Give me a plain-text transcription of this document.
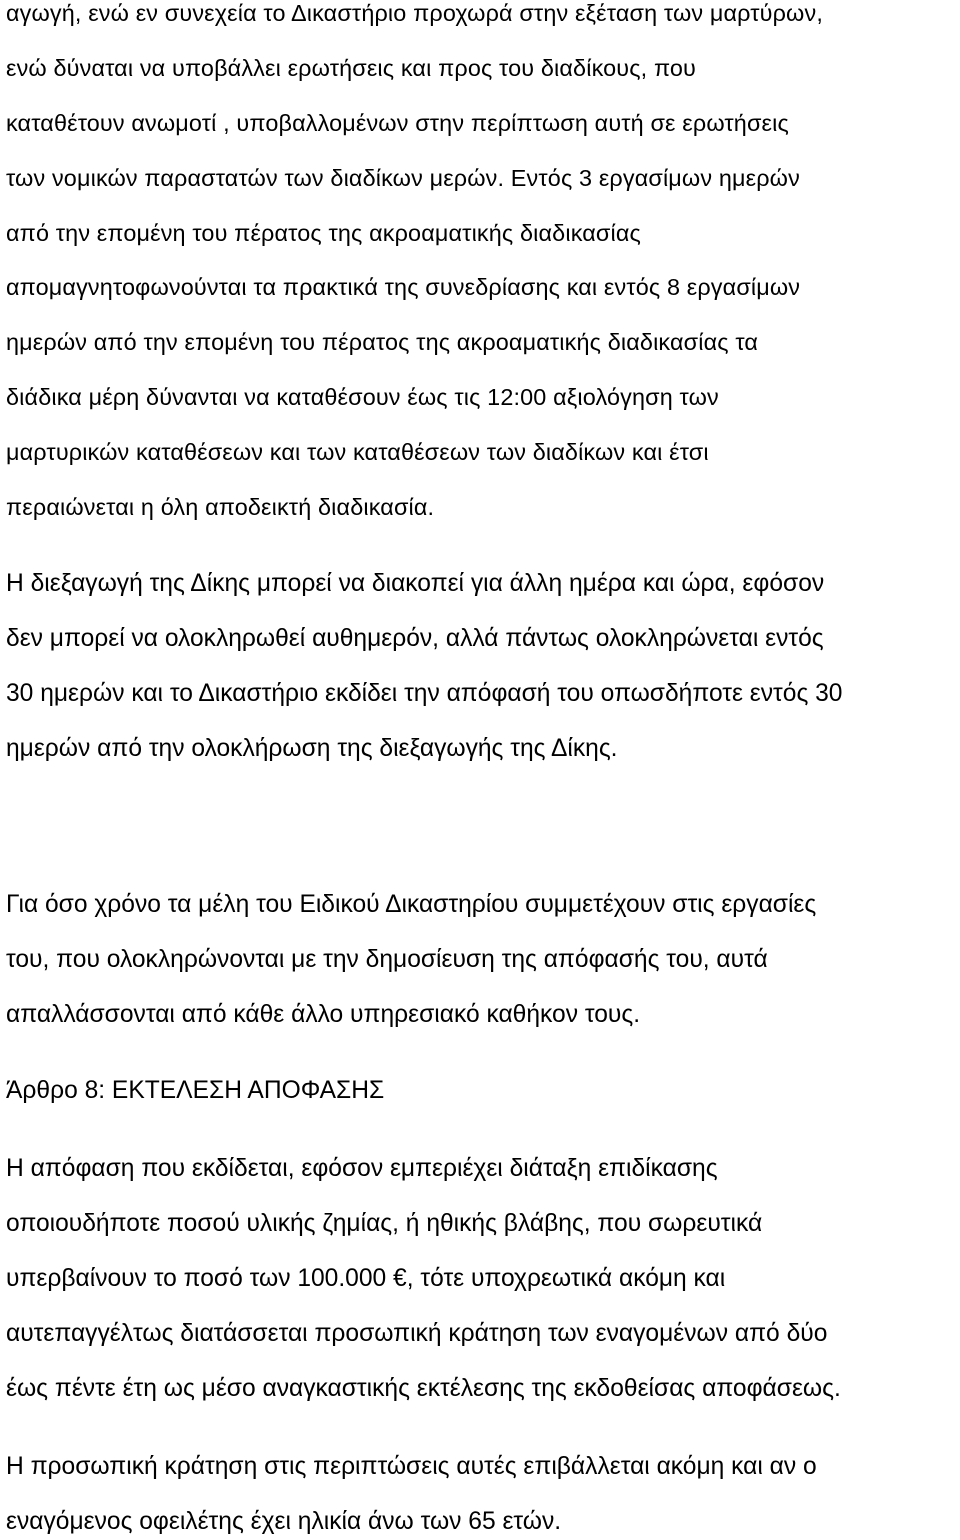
αγωγή, ενώ εν συνεχεία το Δικαστήριο προχωρά στην εξέταση των μαρτύρων,
ενώ δύναται να υποβάλλει ερωτήσεις και προς του διαδίκους, που
καταθέτουν ανωμοτί , υποβαλλομένων στην περίπτωση αυτή σε ερωτήσεις
των νομικών παραστατών των διαδίκων μερών. Εντός 3 εργασίμων ημερών
από την επομένη του πέρατος της ακροαματικής διαδικασίας
απομαγνητοφωνούνται τα πρακτικά της συνεδρίασης και εντός 8 εργασίμων
ημερών από την επομένη του πέρατος της ακροαματικής διαδικασίας τα
διάδικα μέρη δύνανται να καταθέσουν έως τις 12:00 αξιολόγηση των
μαρτυρικών καταθέσεων και των καταθέσεων των διαδίκων και έτσι
περαιώνεται η όλη αποδεικτή διαδικασία.
Η διεξαγωγή της Δίκης μπορεί να διακοπεί για άλλη ημέρα και ώρα, εφόσον
δεν μπορεί να ολοκληρωθεί αυθημερόν, αλλά πάντως ολοκληρώνεται εντός
30 ημερών και το Δικαστήριο εκδίδει την απόφασή του οπωσδήποτε εντός 30
ημερών από την ολοκλήρωση της διεξαγωγής της Δίκης.
Για όσο χρόνο τα μέλη του Ειδικού Δικαστηρίου συμμετέχουν στις εργασίες
του, που ολοκληρώνονται με την δημοσίευση της απόφασής του, αυτά
απαλλάσσονται από κάθε άλλο υπηρεσιακό καθήκον τους.
Άρθρο 8: ΕΚΤΕΛΕΣΗ ΑΠΟΦΑΣΗΣ
Η απόφαση που εκδίδεται, εφόσον εμπεριέχει διάταξη επιδίκασης
οποιουδήποτε ποσού υλικής ζημίας, ή ηθικής βλάβης, που σωρευτικά
υπερβαίνουν το ποσό των 100.000 €, τότε υποχρεωτικά ακόμη και
αυτεπαγγέλτως διατάσσεται προσωπική κράτηση των εναγομένων από δύο
έως πέντε έτη ως μέσο αναγκαστικής εκτέλεσης της εκδοθείσας αποφάσεως.
Η προσωπική κράτηση στις περιπτώσεις αυτές επιβάλλεται ακόμη και αν ο
εναγόμενος οφειλέτης έχει ηλικία άνω των 65 ετών.
